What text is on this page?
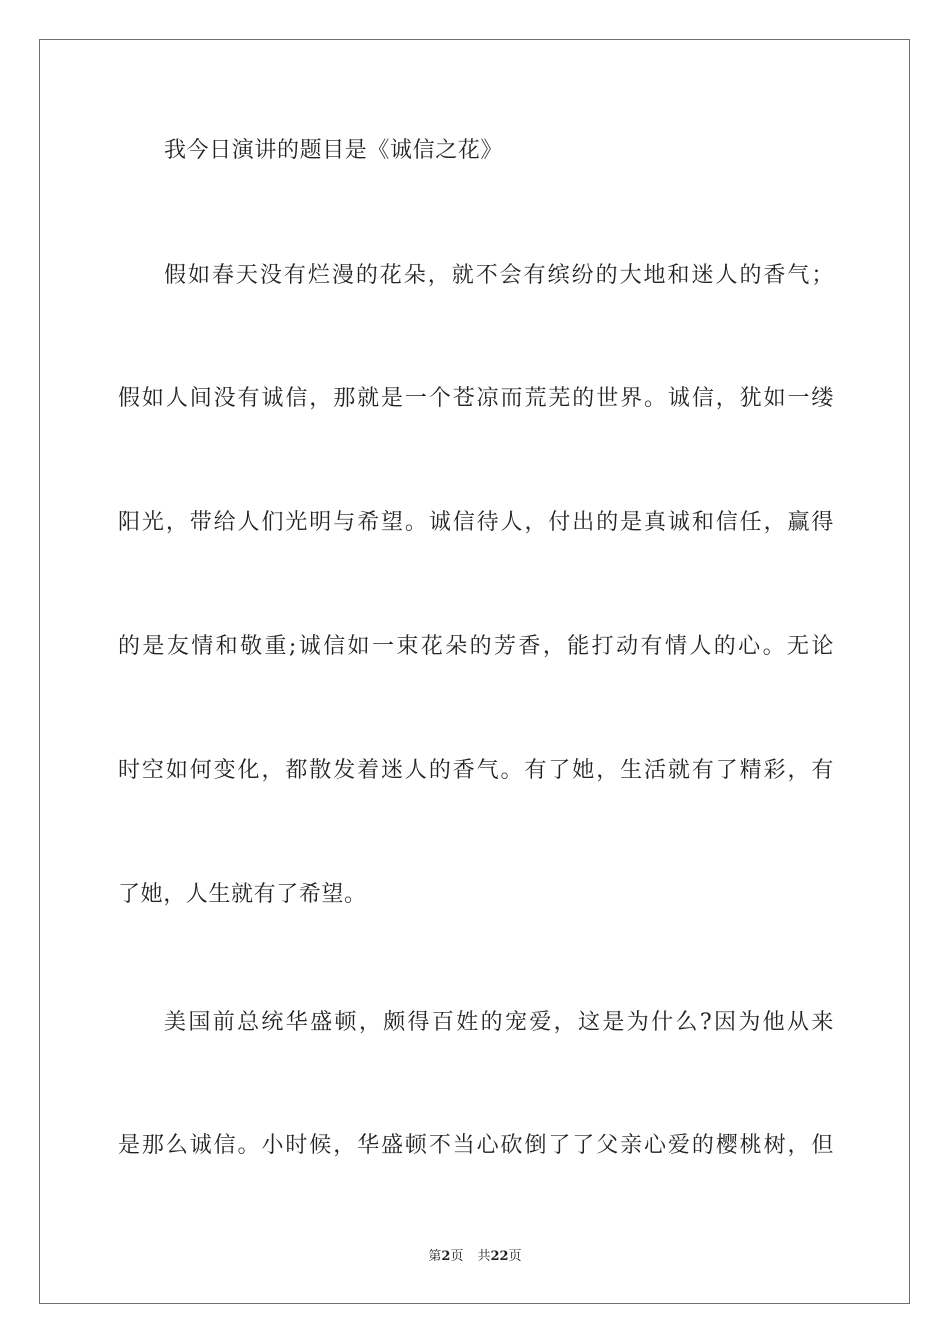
我今日演讲的题目是《诚信之花》
假如春天没有烂漫的花朵，就不会有缤纷的大地和迷人的香气；
假如人间没有诚信，那就是一个苍凉而荒芜的世界。诚信，犹如一缕
阳光，带给人们光明与希望。诚信待人，付出的是真诚和信任，赢得
的是友情和敬重;诚信如一束花朵的芳香，能打动有情人的心。无论
时空如何变化，都散发着迷人的香气。有了她，生活就有了精彩，有
了她，人生就有了希望。
美国前总统华盛顿，颇得百姓的宠爱，这是为什么?因为他从来
是那么诚信。小时候，华盛顿不当心砍倒了了父亲心爱的樱桃树，但
第2页 共22页
